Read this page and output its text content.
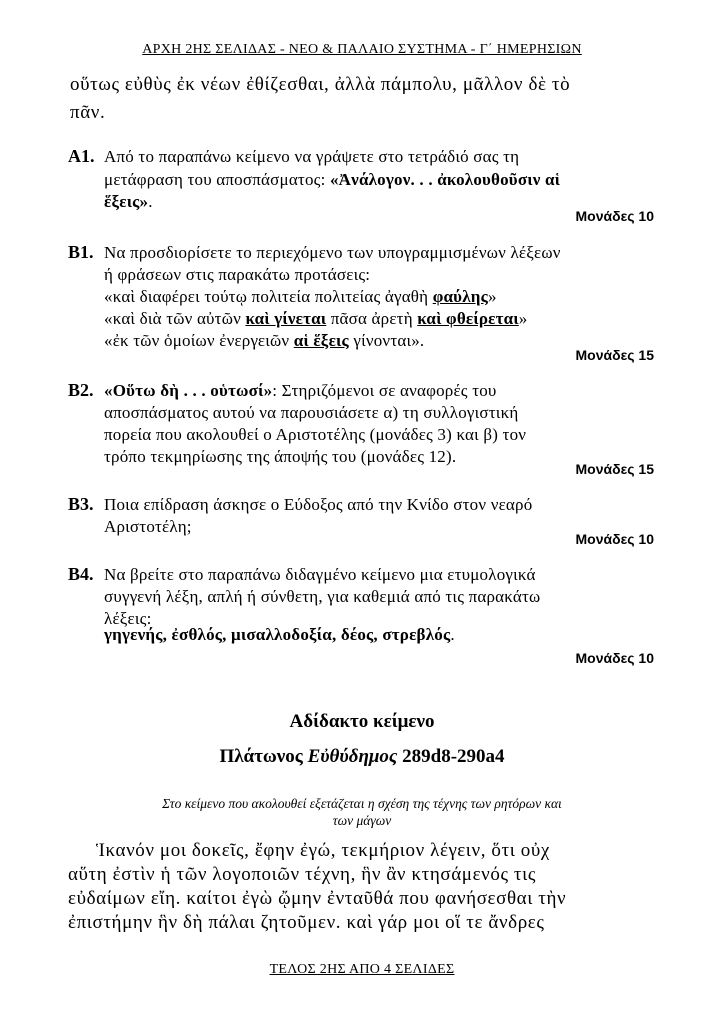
ΑΡΧΗ 2ΗΣ ΣΕΛΙΔΑΣ - ΝΕΟ & ΠΑΛΑΙΟ ΣΥΣΤΗΜΑ - Γ΄ ΗΜΕΡΗΣΙΩΝ
οὕτως εὐθὺς ἐκ νέων ἐθίζεσθαι, ἀλλὰ πάμπολυ, μᾶλλον δὲ τὸ
πᾶν.
Α1. Από το παραπάνω κείμενο να γράψετε στο τετράδιό σας τη
μετάφραση του αποσπάσματος: «Ἀνάλογον. . . ἀκολουθοῦσιν αἱ
ἕξεις».
Μονάδες 10
Β1. Να προσδιορίσετε το περιεχόμενο των υπογραμμισμένων λέξεων
ή φράσεων στις παρακάτω προτάσεις:
«καὶ διαφέρει τούτῳ πολιτεία πολιτείας ἀγαθὴ φαύλης»
«καὶ διὰ τῶν αὐτῶν καὶ γίνεται πᾶσα ἀρετὴ καὶ φθείρεται»
«ἐκ τῶν ὁμοίων ἐνεργειῶν αἱ ἕξεις γίνονται».
Μονάδες 15
Β2. «Οὕτω δὴ . . . οὑτωσί»: Στηριζόμενοι σε αναφορές του
αποσπάσματος αυτού να παρουσιάσετε α) τη συλλογιστική
πορεία που ακολουθεί ο Αριστοτέλης (μονάδες 3) και β) τον
τρόπο τεκμηρίωσης της άποψής του (μονάδες 12).
Μονάδες 15
Β3. Ποια επίδραση άσκησε ο Εύδοξος από την Κνίδο στον νεαρό
Αριστοτέλη;
Μονάδες 10
Β4. Να βρείτε στο παραπάνω διδαγμένο κείμενο μια ετυμολογικά
συγγενή λέξη, απλή ή σύνθετη, για καθεμιά από τις παρακάτω
λέξεις:
γηγενής, ἐσθλός, μισαλλοδοξία, δέος, στρεβλός.
Μονάδες 10
Αδίδακτο κείμενο
Πλάτωνος Εὐθύδημος 289d8-290a4
Στο κείμενο που ακολουθεί εξετάζεται η σχέση της τέχνης των ρητόρων και
των μάγων
Ἱκανόν μοι δοκεῖς, ἔφην ἐγώ, τεκμήριον λέγειν, ὅτι οὐχ
αὕτη ἐστὶν ἡ τῶν λογοποιῶν τέχνη, ἣν ἂν κτησάμενός τις
εὐδαίμων εἴη. καίτοι ἐγὼ ᾤμην ἐνταῦθά που φανήσεσθαι τὴν
ἐπιστήμην ἣν δὴ πάλαι ζητοῦμεν. καὶ γάρ μοι οἵ τε ἄνδρες
ΤΕΛΟΣ 2ΗΣ ΑΠΟ 4 ΣΕΛΙΔΕΣ
